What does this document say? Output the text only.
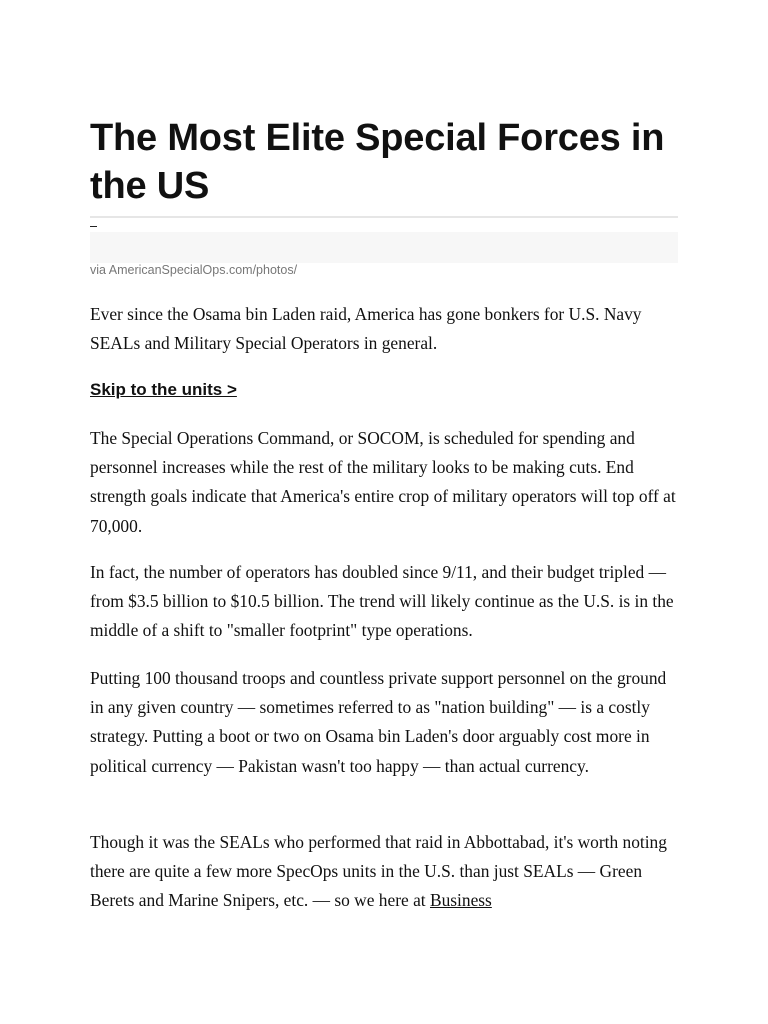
The Most Elite Special Forces in the US
via AmericanSpecialOps.com/photos/

Ever since the Osama bin Laden raid, America has gone bonkers for U.S. Navy SEALs and Military Special Operators in general.

Skip to the units >

The Special Operations Command, or SOCOM, is scheduled for spending and personnel increases while the rest of the military looks to be making cuts. End strength goals indicate that America's entire crop of military operators will top off at 70,000.

In fact, the number of operators has doubled since 9/11, and their budget tripled — from $3.5 billion to $10.5 billion. The trend will likely continue as the U.S. is in the middle of a shift to "smaller footprint" type operations.

Putting 100 thousand troops and countless private support personnel on the ground in any given country — sometimes referred to as "nation building" — is a costly strategy. Putting a boot or two on Osama bin Laden's door arguably cost more in political currency — Pakistan wasn't too happy — than actual currency.

Though it was the SEALs who performed that raid in Abbottabad, it's worth noting there are quite a few more SpecOps units in the U.S. than just SEALs — Green Berets and Marine Snipers, etc. — so we here at Business
